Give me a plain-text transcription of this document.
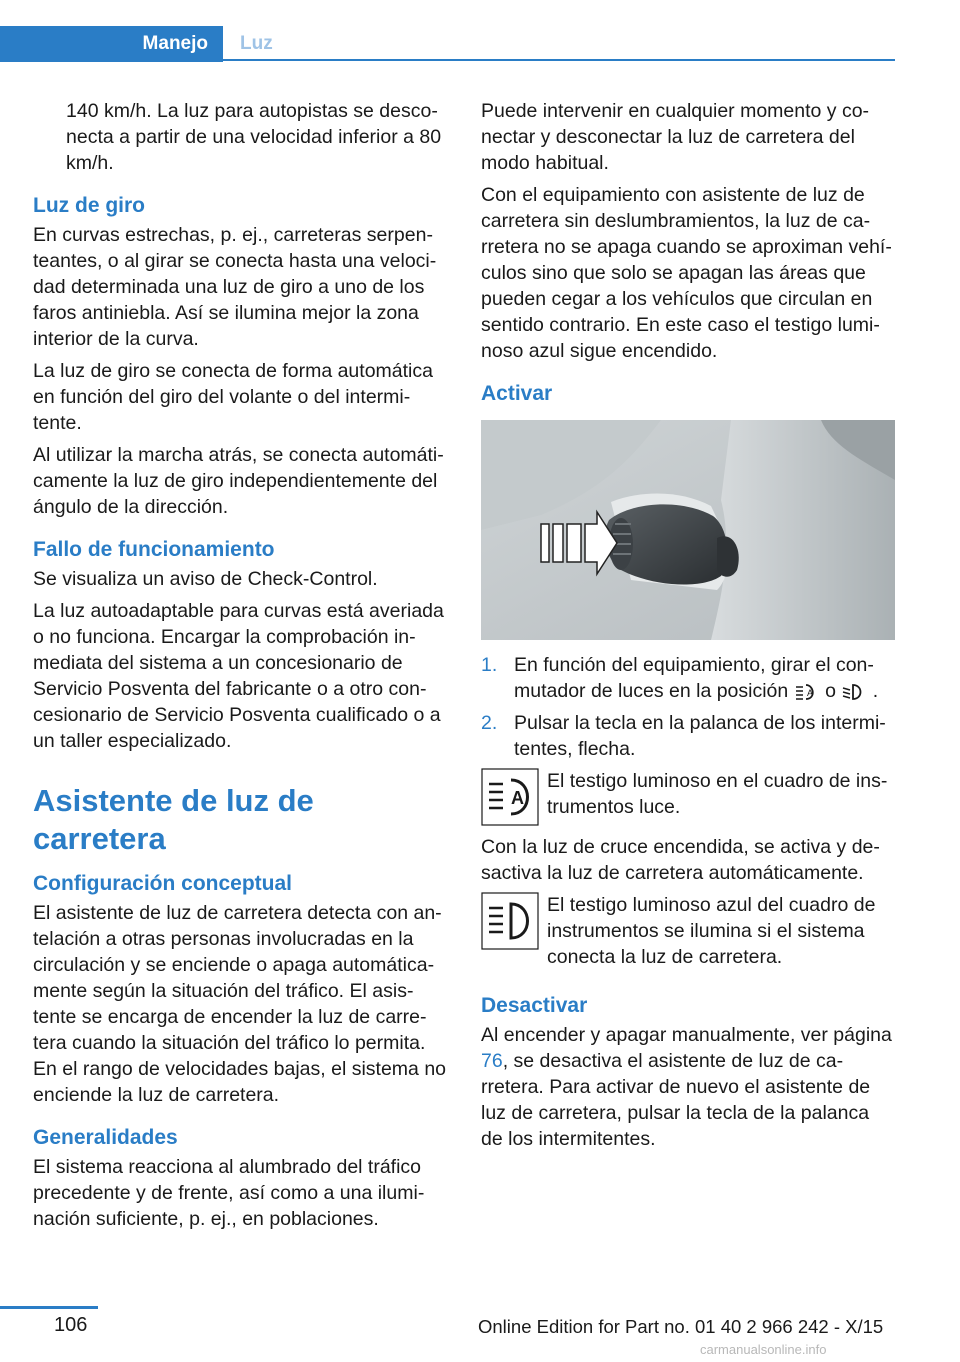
Manejo Luz

140 km/h. La luz para autopistas se desconecta a partir de una velocidad inferior a 80 km/h.

Luz de giro

En curvas estrechas, p. ej., carreteras serpenteantes, o al girar se conecta hasta una velocidad determinada una luz de giro a uno de los faros antiniebla. Así se ilumina mejor la zona interior de la curva.

La luz de giro se conecta de forma automática en función del giro del volante o del intermitente.

Al utilizar la marcha atrás, se conecta automáticamente la luz de giro independientemente del ángulo de la dirección.

Fallo de funcionamiento

Se visualiza un aviso de Check-Control.

La luz autoadaptable para curvas está averiada o no funciona. Encargar la comprobación inmediata del sistema a un concesionario de Servicio Posventa del fabricante o a otro concesionario de Servicio Posventa cualificado o a un taller especializado.

Asistente de luz de carretera
Configuración conceptual

El asistente de luz de carretera detecta con antelación a otras personas involucradas en la circulación y se enciende o apaga automáticamente según la situación del tráfico. El asistente se encarga de encender la luz de carretera cuando la situación del tráfico lo permita. En el rango de velocidades bajas, el sistema no enciende la luz de carretera.

Generalidades

El sistema reacciona al alumbrado del tráfico precedente y de frente, así como a una iluminación suficiente, p. ej., en poblaciones.

Puede intervenir en cualquier momento y conectar y desconectar la luz de carretera del modo habitual.

Con el equipamiento con asistente de luz de carretera sin deslumbramientos, la luz de carretera no se apaga cuando se aproximan vehículos sino que solo se apagan las áreas que pueden cegar a los vehículos que circulan en sentido contrario. En este caso el testigo luminoso azul sigue encendido.

Activar
1. En función del equipamiento, girar el conmutador de luces en la posición A o .
2. Pulsar la tecla en la palanca de los intermitentes, flecha.
A

El testigo luminoso en el cuadro de instrumentos luce.

Con la luz de cruce encendida, se activa y desactiva la luz de carretera automáticamente.

El testigo luminoso azul del cuadro de instrumentos se ilumina si el sistema conecta la luz de carretera.

Desactivar

Al encender y apagar manualmente, ver página 76, se desactiva el asistente de luz de carretera. Para activar de nuevo el asistente de luz de carretera, pulsar la tecla de la palanca de los intermitentes.

106	Online Edition for Part no. 01 40 2 966 242 - X/15
carmanualsonline.info
